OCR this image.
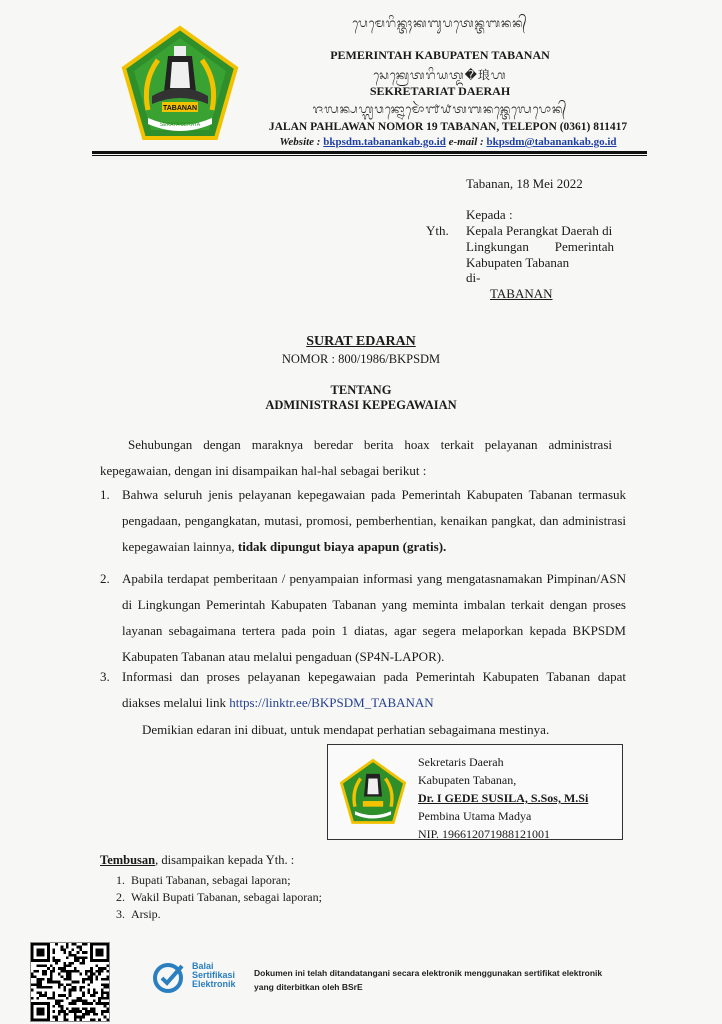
TABANAN
SERAYA SERAYA
ᬧᬾᬫᬾᬭᬶᬦ᭄ᬢᬄᬓᬩᬸᬧᬢᬾᬦ᭄ᬢᬩᬦᬦ᭄
PEMERINTAH KABUPATEN TABANAN
ᬲᬾᬓ᭄ᬭᬾᬢᬭᬶᬬᬢ᭄ᬤ�琅ᬳ
SEKRETARIAT DAERAH
ᬚᬮᬦ᭄ᬧᬳ᭄ᬮᬯᬦ᭄ᬦᭀᬫᭀᬃ᭑᭙ᬢᬩᬦᬦ᭄ᬢᬾᬮᬾᬧᭀᬦ᭄
JALAN PAHLAWAN NOMOR 19 TABANAN, TELEPON (0361) 811417
Website : bkpsdm.tabanankab.go.id e-mail : bkpsdm@tabanankab.go.id
Tabanan, 18 Mei 2022
Kepada :
Yth. Kepala Perangkat Daerah di
Lingkungan Pemerintah
Kabupaten Tabanan
di-
TABANAN
SURAT EDARAN
NOMOR : 800/1986/BKPSDM
TENTANG
ADMINISTRASI KEPEGAWAIAN
Sehubungan dengan maraknya beredar berita hoax terkait pelayanan administrasi kepegawaian, dengan ini disampaikan hal-hal sebagai berikut :
1. Bahwa seluruh jenis pelayanan kepegawaian pada Pemerintah Kabupaten Tabanan termasuk pengadaan, pengangkatan, mutasi, promosi, pemberhentian, kenaikan pangkat, dan administrasi kepegawaian lainnya, tidak dipungut biaya apapun (gratis).
2. Apabila terdapat pemberitaan / penyampaian informasi yang mengatasnamakan Pimpinan/ASN di Lingkungan Pemerintah Kabupaten Tabanan yang meminta imbalan terkait dengan proses layanan sebagaimana tertera pada poin 1 diatas, agar segera melaporkan kepada BKPSDM Kabupaten Tabanan atau melalui pengaduan (SP4N-LAPOR).
3. Informasi dan proses pelayanan kepegawaian pada Pemerintah Kabupaten Tabanan dapat diakses melalui link https://linktr.ee/BKPSDM_TABANAN
Demikian edaran ini dibuat, untuk mendapat perhatian sebagaimana mestinya.
Sekretaris Daerah
Kabupaten Tabanan,
Dr. I GEDE SUSILA, S.Sos, M.Si
Pembina Utama Madya
NIP. 196612071988121001
Tembusan, disampaikan kepada Yth. :
1. Bupati Tabanan, sebagai laporan;
2. Wakil Bupati Tabanan, sebagai laporan;
3. Arsip.
Balai
Sertifikasi
Elektronik
Dokumen ini telah ditandatangani secara elektronik menggunakan sertifikat elektronik
yang diterbitkan oleh BSrE
